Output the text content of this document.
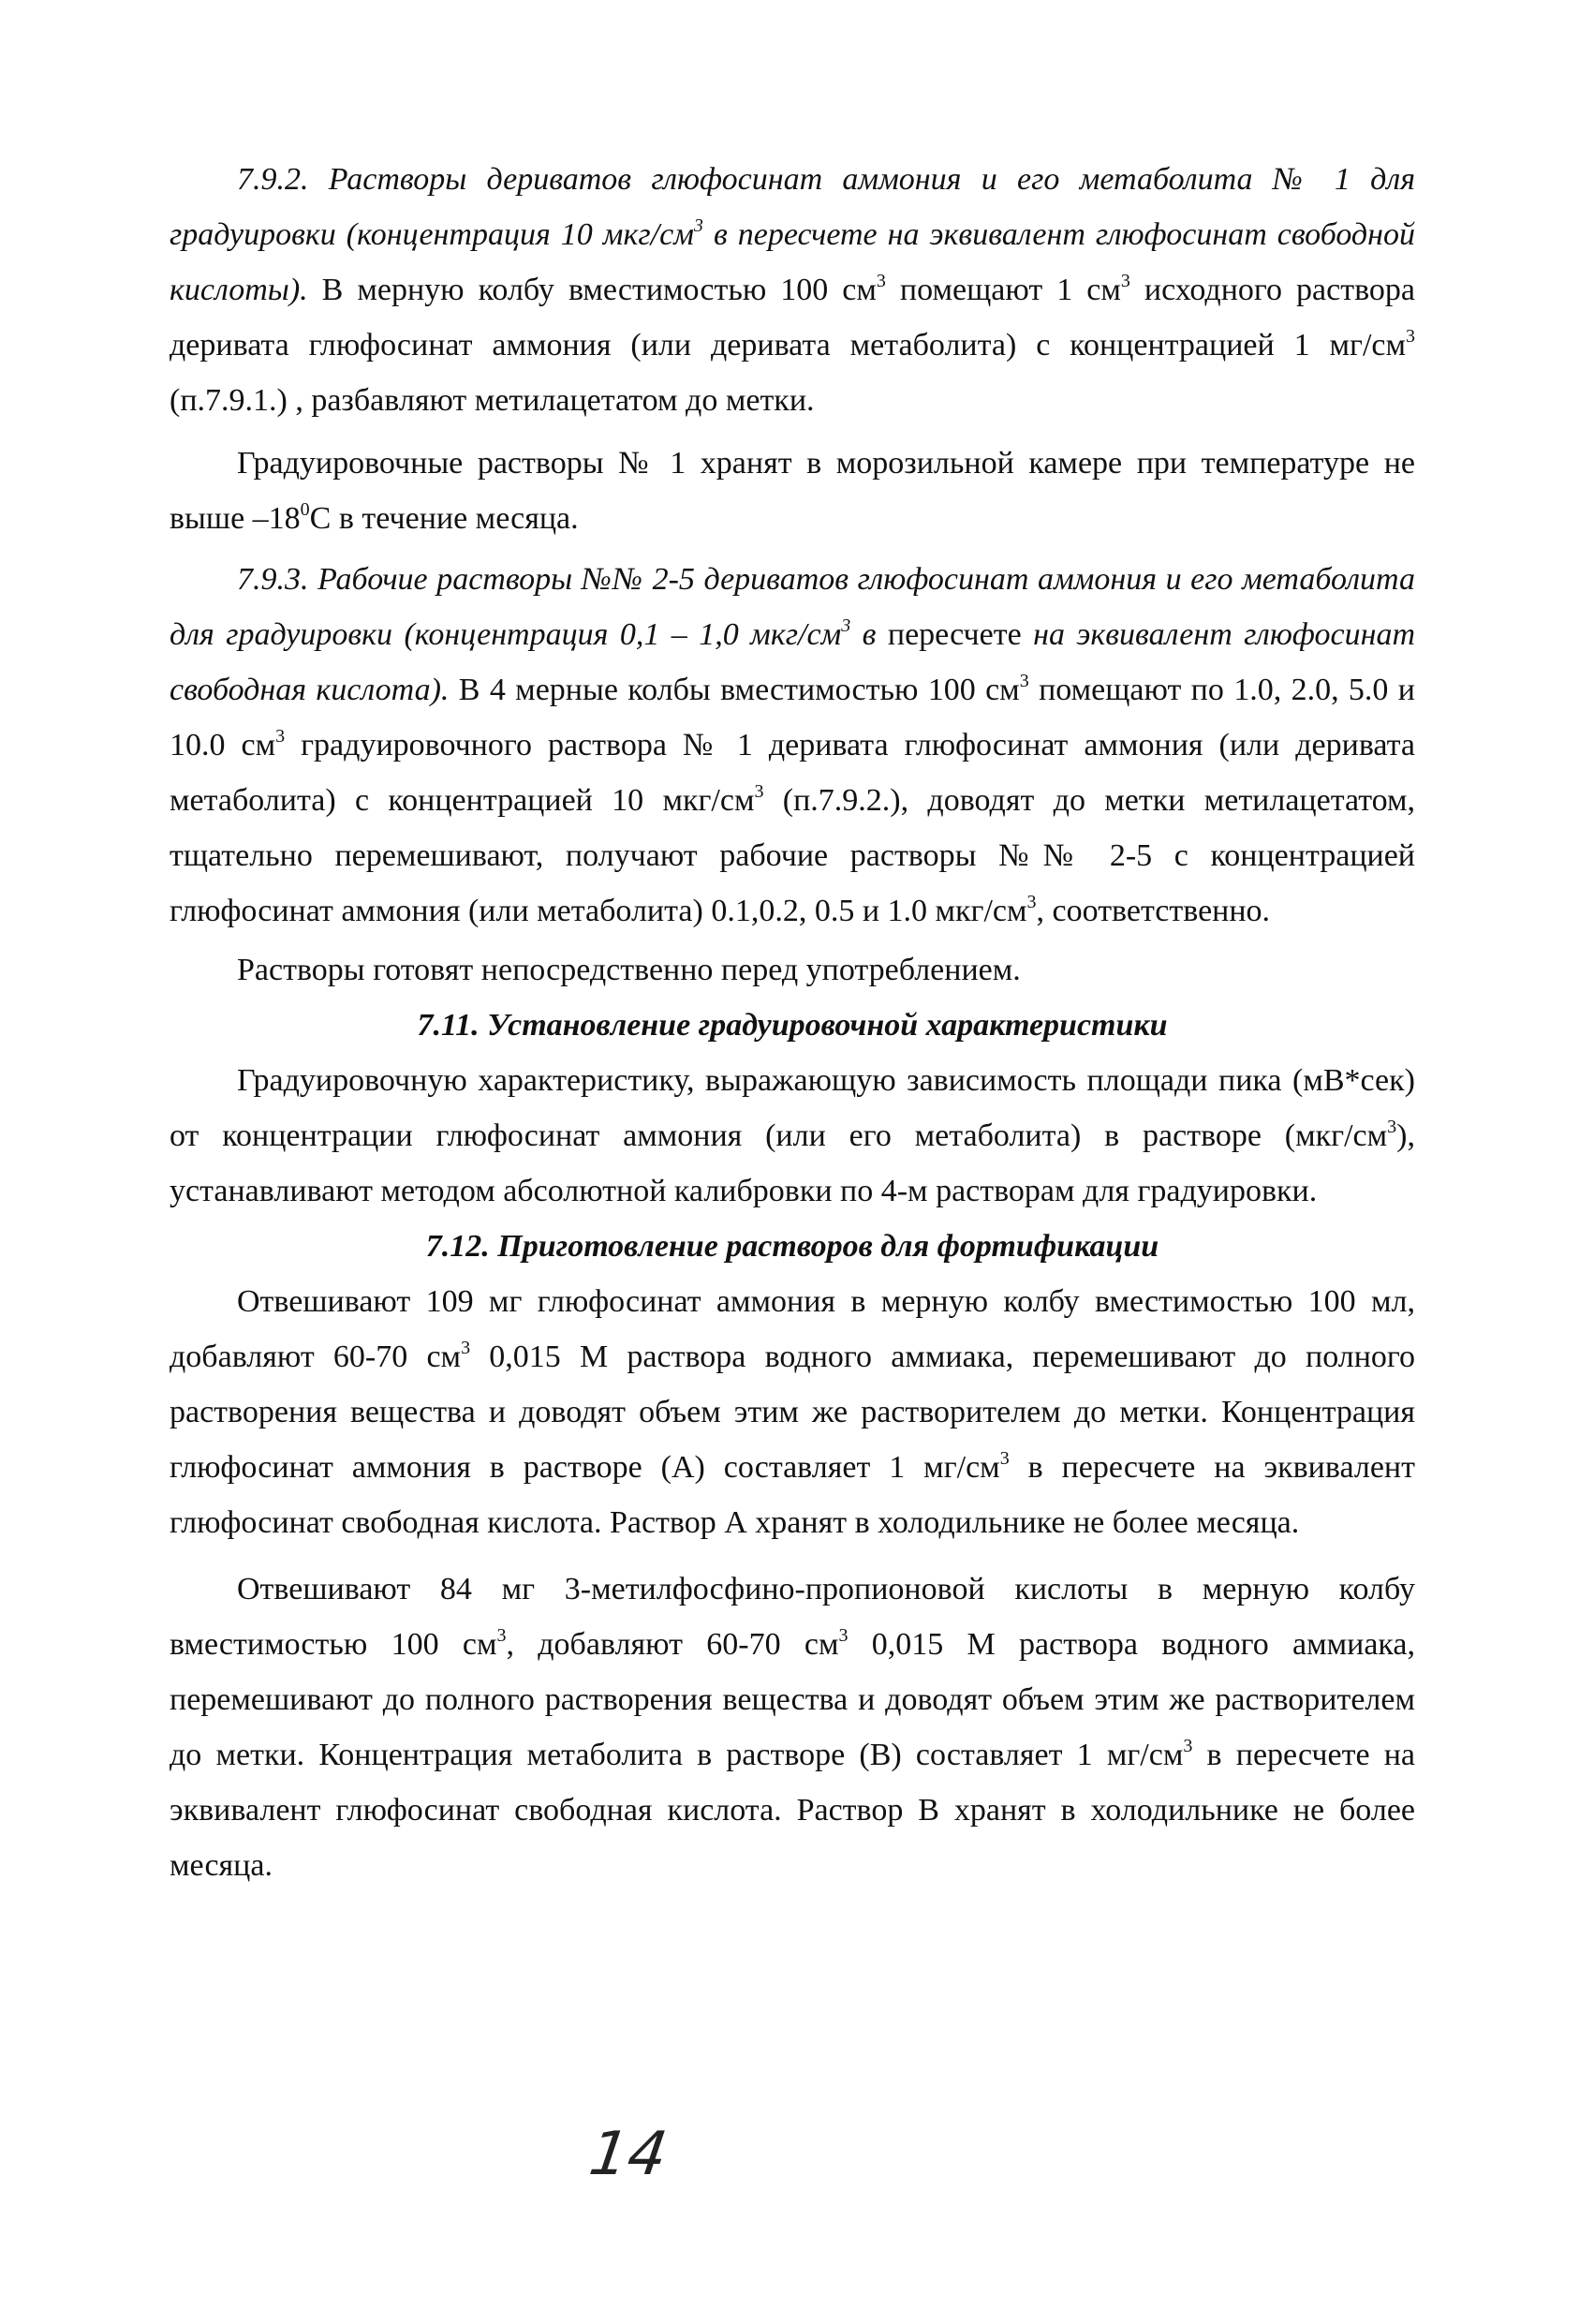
7.9.2. Растворы дериватов глюфосинат аммония и его метаболита № 1 для градуировки (концентрация 10 мкг/$см^3$ в пересчете на эквивалент глюфосинат свободной кислоты). В мерную колбу вместимостью 100 $см^3$ помещают 1 $см^3$ исходного раствора деривата глюфосинат аммония (или деривата метаболита) с концентрацией 1 $мг/см^3$ (п.7.9.1.) , разбавляют метилацетатом до метки.

Градуировочные растворы № 1 хранят в морозильной камере при температуре не выше $-18^0C$ в течение месяца.

7.9.3. Рабочие растворы №№ 2-5 дериватов глюфосинат аммония и его метаболита для градуировки (концентрация 0,1 – 1,0 мкг/$см^3$ в пересчете на эквивалент глюфосинат свободная кислота). В 4 мерные колбы вместимостью 100 $см^3$ помещают по 1.0, 2.0, 5.0 и 10.0 $см^3$ градуировочного раствора № 1 деривата глюфосинат аммония (или деривата метаболита) с концентрацией 10 мкг/$см^3$ (п.7.9.2.), доводят до метки метилацетатом, тщательно перемешивают, получают рабочие растворы №№ 2-5 с концентрацией глюфосинат аммония (или метаболита) 0.1,0.2, 0.5 и 1.0 мкг/$см^3$, соответственно.

Растворы готовят непосредственно перед употреблением.

7.11. Установление градуировочной характеристики

Градуировочную характеристику, выражающую зависимость площади пика (мВ*сек) от концентрации глюфосинат аммония (или его метаболита) в растворе $(мкг/см^3)$, устанавливают методом абсолютной калибровки по 4-м растворам для градуировки.

7.12. Приготовление растворов для фортификации

Отвешивают 109 мг глюфосинат аммония в мерную колбу вместимостью 100 мл, добавляют 60-70 $см^3$ 0,015 М раствора водного аммиака, перемешивают до полного растворения вещества и доводят объем этим же растворителем до метки. Концентрация глюфосинат аммония в растворе (А) составляет 1 $мг/см^3$ в пересчете на эквивалент глюфосинат свободная кислота. Раствор А хранят в холодильнике не более месяца.

Отвешивают 84 мг 3-метилфосфино-пропионовой кислоты в мерную колбу вместимостью 100 $см^3$, добавляют 60-70 $см^3$ 0,015 М раствора водного аммиака, перемешивают до полного растворения вещества и доводят объем этим же растворителем до метки. Концентрация метаболита в растворе (В) составляет 1 $мг/см^3$ в пересчете на эквивалент глюфосинат свободная кислота. Раствор В хранят в холодильнике не более месяца.

14
